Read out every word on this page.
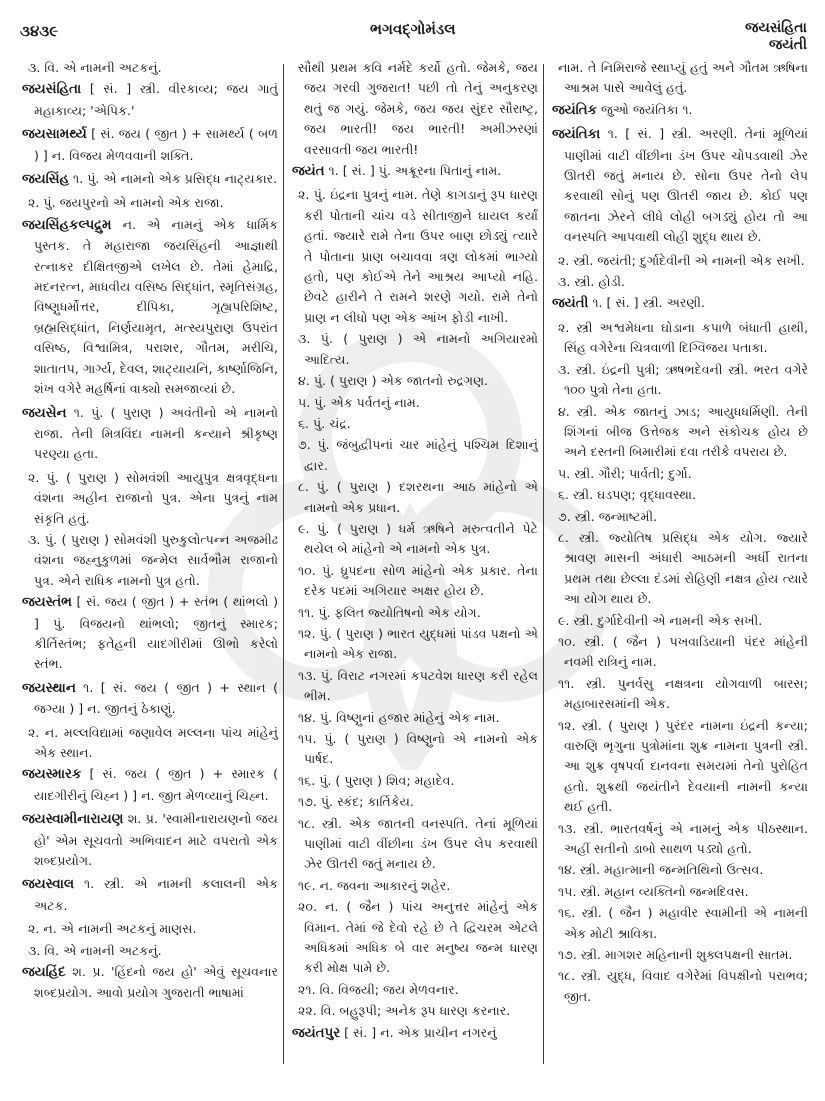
૩૪૩૯	ભગવદ્ગોમંડલ	જયસંહિતા
જયંતી

૩. વિ. એ નામની અટકનું.

જયસંહિતા [ સં. ] સ્ત્રી. વીરકાવ્ય; જય ગાતું મહાકાવ્ય; 'એપિક.'

જયસામર્થ્ય [ સં. જય ( જીત ) + સામર્થ્ય ( બળ ) ] ન. વિજય મેળવવાની શક્તિ.

જયસિંહ ૧. પું. એ નામનો એક પ્રસિદ્ધ નાટ્યકાર.

૨. પું. જયપુરનો એ નામનો એક રાજા.

જયસિંહકલ્પદ્રુમ ન. એ નામનું એક ધાર્મિક પુસ્તક. તે મહારાજા જયસિંહની આજ્ઞાથી રત્નાકર દીક્ષિતજીએ લખેલ છે. તેમાં હેમાદ્રિ, મદનરત્ન, માધવીય વસિષ્ઠ સિદ્ધાંત, સ્મૃતિસંગ્રહ, વિષ્ણુધર્મોત્તર, દીપિકા, ગૃહ્યપરિશિષ્ટ, બ્રહ્મસિદ્ધાંત, નિર્ણયામૃત, મત્સ્યપુરાણ ઉપરાંત વસિષ્ઠ, વિશ્વામિત્ર, પરાશર, ગૌતમ, મરીચિ, શાતાતપ, ગાર્ગ્ય, દેવલ, શાટ્યાયનિ, કાર્ષ્ણાજિનિ, શંખ વગેરે મહર્ષિનાં વાક્યો સમજાવ્યાં છે.

જયસેન ૧. પું. ( પુરાણ ) અવંતીનો એ નામનો રાજા. તેની મિત્રવિંદા નામની કન્યાને શ્રીકૃષ્ણ પરણ્યા હતા.

૨. પું. ( પુરાણ ) સોમવંશી આયુપુત્ર ક્ષત્રવૃદ્ધના વંશના અહીન રાજાનો પુત્ર. એના પુત્રનું નામ સંકૃતિ હતું.

૩. પું. ( પુરાણ ) સોમવંશી પુરુકુલોત્પન્ન અજમીઢ વંશના જહ્નુકુળમાં જન્મેલ સાર્વભૌમ રાજાનો પુત્ર. એને રાધિક નામનો પુત્ર હતો.

જયસ્તંભ [ સં. જય ( જીત ) + સ્તંભ ( થાંભલો ) ] પું. વિજયનો થાંભલો; જીતનું સ્મારક; કીર્તિસ્તંભ; ફતેહની યાદગીરીમાં ઊભો કરેલો સ્તંભ.

જયસ્થાન ૧. [ સં. જય ( જીત ) + સ્થાન ( જગ્યા ) ] ન. જીતનું ઠેકાણું.

૨. ન. મલ્લવિદ્યામાં જણાવેલ મલ્લના પાંચ માંહેનું એક સ્થાન.

જયસ્મારક [ સં. જય ( જીત ) + સ્મારક ( યાદગીરીનું ચિહ્ન ) ] ન. જીત મેળવ્યાનું ચિહ્ન.

જયસ્વામીનારાયણ શ. પ્ર. 'સ્વામીનારાયણનો જય હો' એમ સૂચવતો અભિવાદન માટે વપરાતો એક શબ્દપ્રયોગ.

જયસ્વાલ ૧. સ્ત્રી. એ નામની કલાલની એક અટક.

૨. ન. એ નામની અટકનું માણસ.

૩. વિ. એ નામની અટકનું.

જયહિંદ શ. પ્ર. 'હિંદનો જય હો' એવું સૂચવનાર શબ્દપ્રયોગ. આવો પ્રયોગ ગુજરાતી ભાષામાં

સૌથી પ્રથમ કવિ નર્મદે કર્યો હતો. જેમકે, જય જય ગરવી ગુજરાત! પછી તો તેનું અનુકરણ થતું જ ગયું. જેમકે, જય જય સુંદર સૌરાષ્ટ્ર, જય ભારતી! જય ભારતી! અમીઝરણાં વરસાવતી જય ભારતી!

જયંત ૧. [ સં. ] પું. અક્રૂરના પિતાનું નામ.

૨. પું. ઇંદ્રના પુત્રનું નામ. તેણે કાગડાનું રૂપ ધારણ કરી પોતાની ચાંચ વડે સીતાજીને ઘાયલ કર્યાં હતાં. જ્યારે રામે તેના ઉપર બાણ છોડ્યું ત્યારે તે પોતાના પ્રાણ બચાવવા ત્રણ લોકમાં ભાગ્યો હતો, પણ કોઈએ તેને આશ્રય આપ્યો નહિ. છેવટે હારીને તે રામને શરણે ગયો. રામે તેનો પ્રાણ ન લીધો પણ એક આંખ ફોડી નાખી.

૩. પું. ( પુરાણ ) એ નામનો અગિયારમો આદિત્ય.

૪. પું. ( પુરાણ ) એક જાતનો રુદ્રગણ.

૫. પું. એક પર્વતનું નામ.

૬. પું. ચંદ્ર.

૭. પું. જંબુદ્વીપનાં ચાર માંહેનું પશ્ચિમ દિશાનું દ્વાર.

૮. પું. ( પુરાણ ) દશરથના આઠ માંહેનો એ નામનો એક પ્રધાન.

૯. પું. ( પુરાણ ) ધર્મ ઋષિને મરુત્વતીને પેટે થયેલ બે માંહેનો એ નામનો એક પુત્ર.

૧૦. પું. ધ્રુપદના સોળ માંહેનો એક પ્રકાર. તેના દરેક પદમાં અગિયાર અક્ષર હોય છે.

૧૧. પું. ફલિત જ્યોતિષનો એક યોગ.

૧૨. પું. ( પુરાણ ) ભારત યુદ્ધમાં પાંડવ પક્ષનો એ નામનો એક રાજા.

૧૩. પું. વિરાટ નગરમાં કપટવેશ ધારણ કરી રહેલ ભીમ.

૧૪. પું. વિષ્ણુનાં હજાર માંહેનું એક નામ.

૧૫. પું. ( પુરાણ ) વિષ્ણુનો એ નામનો એક પાર્ષદ.

૧૬. પું. ( પુરાણ ) શિવ; મહાદેવ.

૧૭. પું. સ્કંદ; કાર્તિકેય.

૧૮. સ્ત્રી. એક જાતની વનસ્પતિ. તેનાં મૂળિયાં પાણીમાં વાટી વીંછીના ડંખ ઉપર લેપ કરવાથી ઝેર ઊતરી જતું મનાય છે.

૧૯. ન. જવના આકારનું શહેર.

૨૦. ન. ( જૈન ) પાંચ અનુત્તર માંહેનું એક વિમાન. તેમાં જે દેવો રહે છે તે દ્વિચરમ એટલે અધિકમાં અધિક બે વાર મનુષ્ય જન્મ ધારણ કરી મોક્ષ પામે છે.

૨૧. વિ. વિજયી; જય મેળવનાર.

૨૨. વિ. બહુરૂપી; અનેક રૂપ ધારણ કરનાર.

જયંતપુર [ સં. ] ન. એક પ્રાચીન નગરનું

નામ. તે નિમિરાજે સ્થાપ્યું હતું અને ગૌતમ ઋષિના આશ્રમ પાસે આવેલું હતું.

જયંતિક જુઓ જયંતિકા ૧.

જયંતિકા ૧. [ સં. ] સ્ત્રી. અરણી. તેનાં મૂળિયાં પાણીમાં વાટી વીંછીના ડંખ ઉપર ચોપડવાથી ઝેર ઊતરી જતું મનાય છે. સોના ઉપર તેનો લેપ કરવાથી સોનું પણ ઊતરી જાય છે. કોઈ પણ જાતના ઝેરને લીધે લોહી બગડ્યું હોય તો આ વનસ્પતિ આપવાથી લોહી શુદ્ધ થાય છે.

૨. સ્ત્રી. જયંતી; દુર્ગાદેવીની એ નામની એક સખી.

૩. સ્ત્રી. હોડી.

જયંતી ૧. [ સં. ] સ્ત્રી. અરણી.

૨. સ્ત્રી અશ્વમેધના ઘોડાના કપાળે બંધાતી હાથી, સિંહ વગેરેના ચિત્રવાળી દિગ્વિજય પતાકા.

૩. સ્ત્રી. ઇંદ્રની પુત્રી; ઋષભદેવની સ્ત્રી. ભરત વગેરે ૧૦૦ પુત્રો તેના હતા.

૪. સ્ત્રી. એક જાતનું ઝાડ; આયુધધર્મિણી. તેની શિંગનાં બીજ ઉત્તેજક અને સંકોચક હોય છે અને દસ્તની બિમારીમાં દવા તરીકે વપરાય છે.

૫. સ્ત્રી. ગૌરી; પાર્વતી; દુર્ગા.

૬. સ્ત્રી. ઘડપણ; વૃદ્ધાવસ્થા.

૭. સ્ત્રી. જન્માષ્ટમી.

૮. સ્ત્રી. જ્યોતિષ પ્રસિદ્ધ એક યોગ. જ્યારે શ્રાવણ માસની અંધારી આઠમની અર્ધી રાતના પ્રથમ તથા છેલ્લા દંડમાં રોહિણી નક્ષત્ર હોય ત્યારે આ યોગ થાય છે.

૯. સ્ત્રી. દુર્ગાદેવીની એ નામની એક સખી.

૧૦. સ્ત્રી. ( જૈન ) પખવાડિયાની પંદર માંહેની નવમી રાત્રિનું નામ.

૧૧. સ્ત્રી. પુનર્વસુ નક્ષત્રના યોગવાળી બારસ; મહાબારસમાંની એક.

૧૨. સ્ત્રી. ( પુરાણ ) પુરંદર નામના ઇંદ્રની કન્યા; વારુણિ ભૃગુના પુત્રોમાંના શુક્ર નામના પુત્રની સ્ત્રી. આ શુક્ર વૃષપર્વા દાનવના સમયમાં તેનો પુરોહિત હતો. શુક્રથી જયંતીને દેવયાની નામની કન્યા થઈ હતી.

૧૩. સ્ત્રી. ભારતવર્ષનું એ નામનું એક પીઠસ્થાન. અહીં સતીનો ડાબો સાથળ પડ્યો હતો.

૧૪. સ્ત્રી. મહાત્માની જન્મતિથિનો ઉત્સવ.

૧૫. સ્ત્રી. મહાન વ્યક્તિનો જન્મદિવસ.

૧૬. સ્ત્રી. ( જૈન ) મહાવીર સ્વામીની એ નામની એક મોટી શ્રાવિકા.

૧૭. સ્ત્રી. માગશર મહિનાની શુક્લપક્ષની સાતમ.

૧૮. સ્ત્રી. યુદ્ધ, વિવાદ વગેરેમાં વિપક્ષીનો પરાભવ; જીત.
